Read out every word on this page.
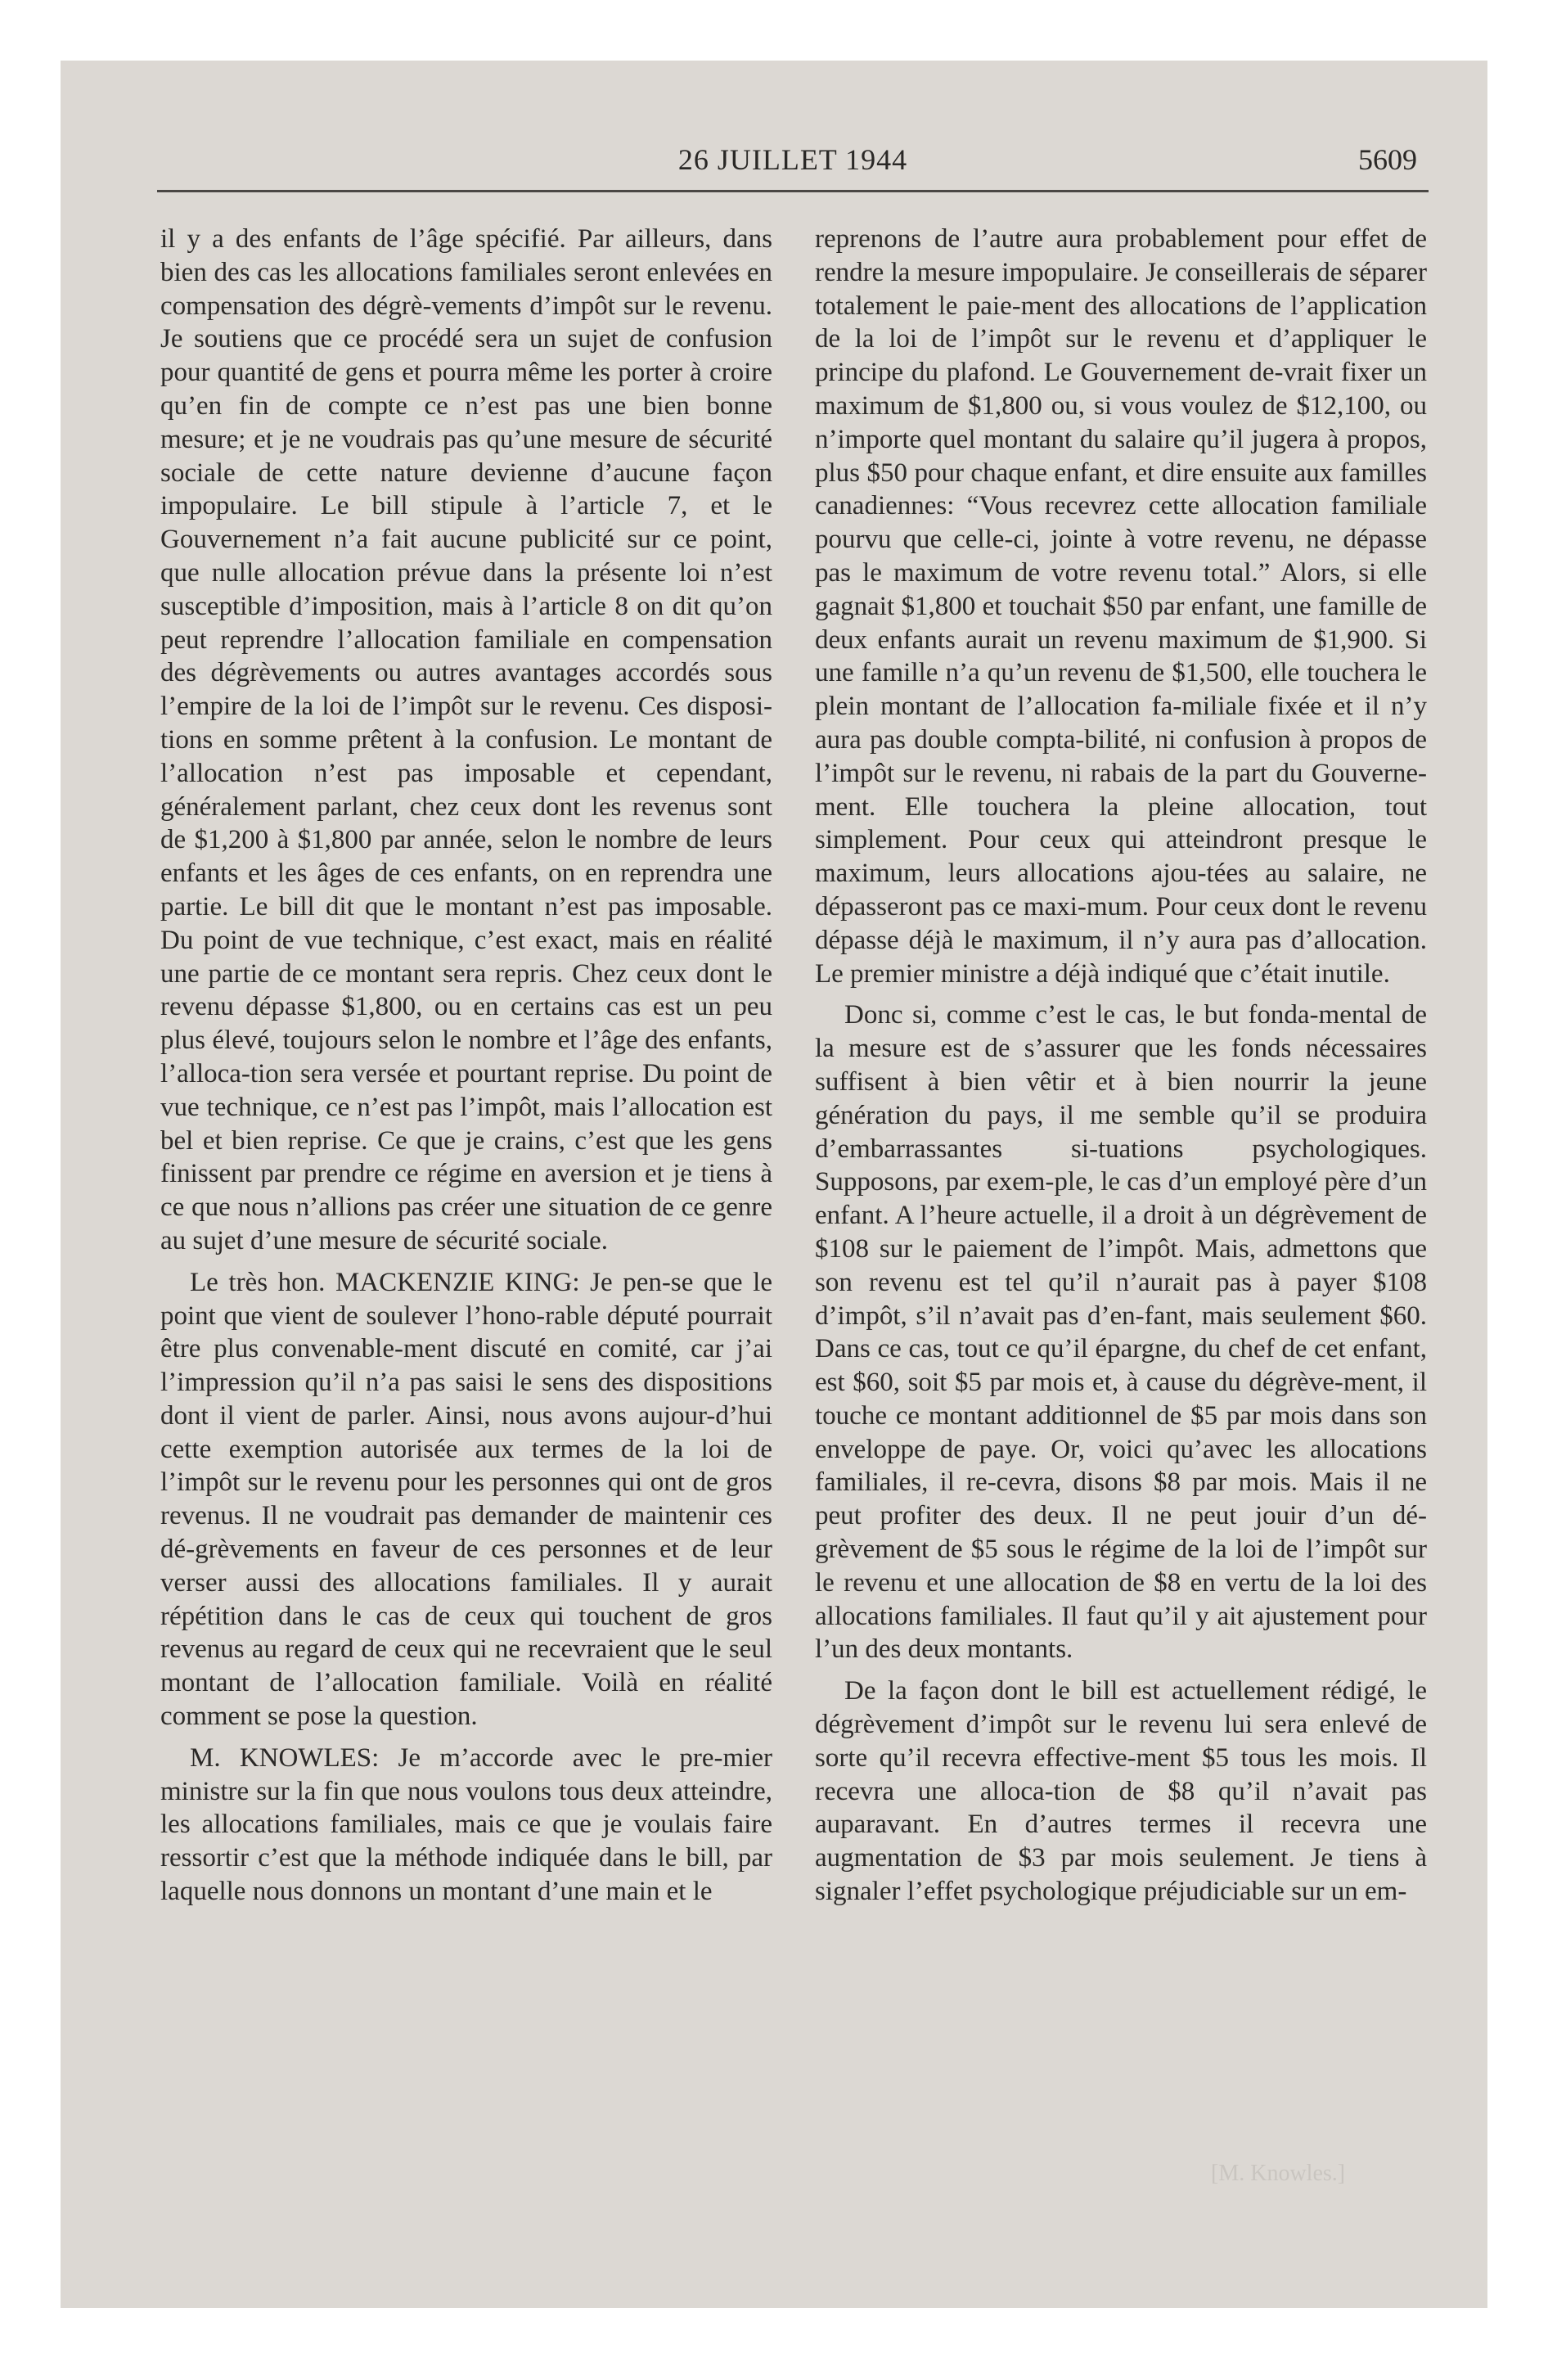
26 JUILLET 1944	5609

il y a des enfants de l’âge spécifié. Par ailleurs, dans bien des cas les allocations familiales seront enlevées en compensation des dégrè-vements d’impôt sur le revenu. Je soutiens que ce procédé sera un sujet de confusion pour quantité de gens et pourra même les porter à croire qu’en fin de compte ce n’est pas une bien bonne mesure; et je ne voudrais pas qu’une mesure de sécurité sociale de cette nature devienne d’aucune façon impopulaire. Le bill stipule à l’article 7, et le Gouvernement n’a fait aucune publicité sur ce point, que nulle allocation prévue dans la présente loi n’est susceptible d’imposition, mais à l’article 8 on dit qu’on peut reprendre l’allocation familiale en compensation des dégrèvements ou autres avantages accordés sous l’empire de la loi de l’impôt sur le revenu. Ces disposi-tions en somme prêtent à la confusion. Le montant de l’allocation n’est pas imposable et cependant, généralement parlant, chez ceux dont les revenus sont de $1,200 à $1,800 par année, selon le nombre de leurs enfants et les âges de ces enfants, on en reprendra une partie. Le bill dit que le montant n’est pas imposable. Du point de vue technique, c’est exact, mais en réalité une partie de ce montant sera repris. Chez ceux dont le revenu dépasse $1,800, ou en certains cas est un peu plus élevé, toujours selon le nombre et l’âge des enfants, l’alloca-tion sera versée et pourtant reprise. Du point de vue technique, ce n’est pas l’impôt, mais l’allocation est bel et bien reprise. Ce que je crains, c’est que les gens finissent par prendre ce régime en aversion et je tiens à ce que nous n’allions pas créer une situation de ce genre au sujet d’une mesure de sécurité sociale.

Le très hon. MACKENZIE KING: Je pen-se que le point que vient de soulever l’hono-rable député pourrait être plus convenable-ment discuté en comité, car j’ai l’impression qu’il n’a pas saisi le sens des dispositions dont il vient de parler. Ainsi, nous avons aujour-d’hui cette exemption autorisée aux termes de la loi de l’impôt sur le revenu pour les personnes qui ont de gros revenus. Il ne voudrait pas demander de maintenir ces dé-grèvements en faveur de ces personnes et de leur verser aussi des allocations familiales. Il y aurait répétition dans le cas de ceux qui touchent de gros revenus au regard de ceux qui ne recevraient que le seul montant de l’allocation familiale. Voilà en réalité comment se pose la question.

M. KNOWLES: Je m’accorde avec le pre-mier ministre sur la fin que nous voulons tous deux atteindre, les allocations familiales, mais ce que je voulais faire ressortir c’est que la méthode indiquée dans le bill, par laquelle nous donnons un montant d’une main et le

reprenons de l’autre aura probablement pour effet de rendre la mesure impopulaire. Je conseillerais de séparer totalement le paie-ment des allocations de l’application de la loi de l’impôt sur le revenu et d’appliquer le principe du plafond. Le Gouvernement de-vrait fixer un maximum de $1,800 ou, si vous voulez de $12,100, ou n’importe quel montant du salaire qu’il jugera à propos, plus $50 pour chaque enfant, et dire ensuite aux familles canadiennes: “Vous recevrez cette allocation familiale pourvu que celle-ci, jointe à votre revenu, ne dépasse pas le maximum de votre revenu total.” Alors, si elle gagnait $1,800 et touchait $50 par enfant, une famille de deux enfants aurait un revenu maximum de $1,900. Si une famille n’a qu’un revenu de $1,500, elle touchera le plein montant de l’allocation fa-miliale fixée et il n’y aura pas double compta-bilité, ni confusion à propos de l’impôt sur le revenu, ni rabais de la part du Gouverne-ment. Elle touchera la pleine allocation, tout simplement. Pour ceux qui atteindront presque le maximum, leurs allocations ajou-tées au salaire, ne dépasseront pas ce maxi-mum. Pour ceux dont le revenu dépasse déjà le maximum, il n’y aura pas d’allocation. Le premier ministre a déjà indiqué que c’était inutile.

Donc si, comme c’est le cas, le but fonda-mental de la mesure est de s’assurer que les fonds nécessaires suffisent à bien vêtir et à bien nourrir la jeune génération du pays, il me semble qu’il se produira d’embarrassantes si-tuations psychologiques. Supposons, par exem-ple, le cas d’un employé père d’un enfant. A l’heure actuelle, il a droit à un dégrèvement de $108 sur le paiement de l’impôt. Mais, admettons que son revenu est tel qu’il n’aurait pas à payer $108 d’impôt, s’il n’avait pas d’en-fant, mais seulement $60. Dans ce cas, tout ce qu’il épargne, du chef de cet enfant, est $60, soit $5 par mois et, à cause du dégrève-ment, il touche ce montant additionnel de $5 par mois dans son enveloppe de paye. Or, voici qu’avec les allocations familiales, il re-cevra, disons $8 par mois. Mais il ne peut profiter des deux. Il ne peut jouir d’un dé-grèvement de $5 sous le régime de la loi de l’impôt sur le revenu et une allocation de $8 en vertu de la loi des allocations familiales. Il faut qu’il y ait ajustement pour l’un des deux montants.

De la façon dont le bill est actuellement rédigé, le dégrèvement d’impôt sur le revenu lui sera enlevé de sorte qu’il recevra effective-ment $5 tous les mois. Il recevra une alloca-tion de $8 qu’il n’avait pas auparavant. En d’autres termes il recevra une augmentation de $3 par mois seulement. Je tiens à signaler l’effet psychologique préjudiciable sur un em-

[M. Knowles.]
